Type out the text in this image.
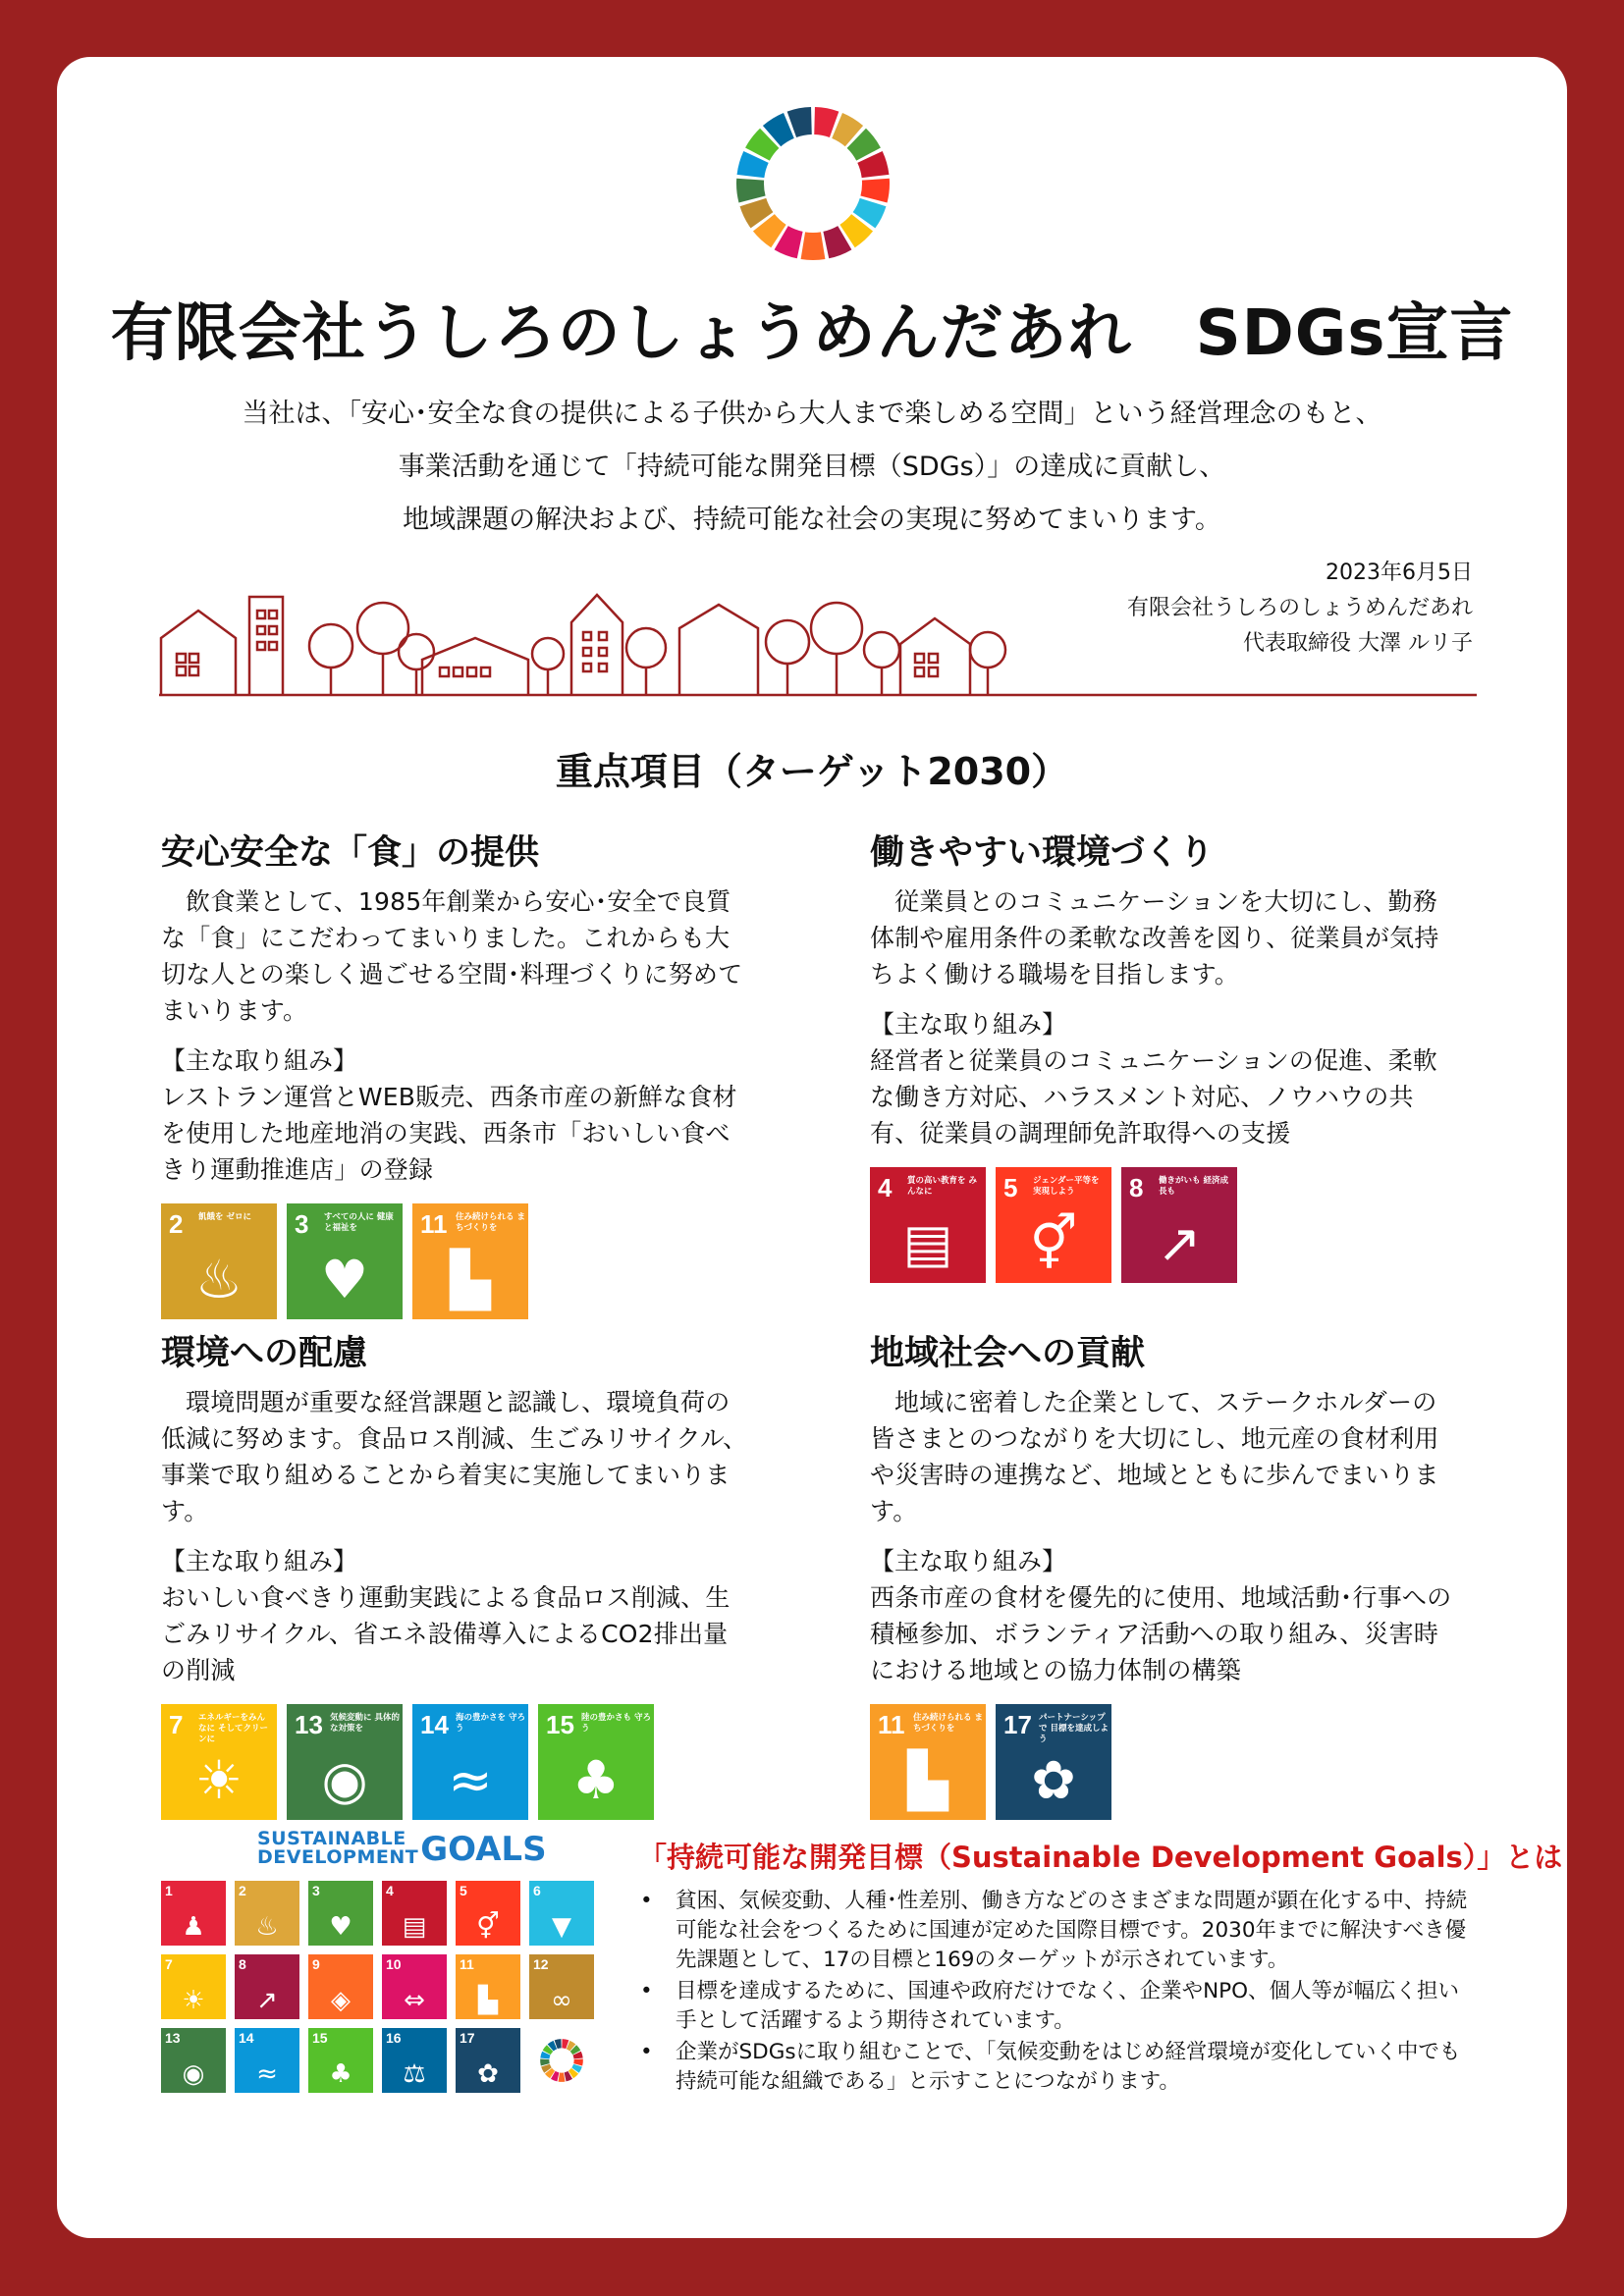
有限会社うしろのしょうめんだあれ　SDGs宣言
当社は、「安心･安全な食の提供による子供から大人まで楽しめる空間」という経営理念のもと、
事業活動を通じて「持続可能な開発目標（SDGs）」の達成に貢献し、
地域課題の解決および、持続可能な社会の実現に努めてまいります。
2023年6月5日
有限会社うしろのしょうめんだあれ
代表取締役 大澤 ルリ子
重点項目（ターゲット2030）
安心安全な「食」の提供
飲食業として、1985年創業から安心･安全で良質な「食」にこだわってまいりました。これからも大切な人との楽しく過ごせる空間･料理づくりに努めてまいります。
【主な取り組み】
レストラン運営とWEB販売、西条市産の新鮮な食材を使用した地産地消の実践、西条市「おいしい食べきり運動推進店」の登録
2 飢餓を ゼロに
♨
3 すべての人に 健康と福祉を
♥
11 住み続けられる まちづくりを
▙
働きやすい環境づくり
従業員とのコミュニケーションを大切にし、勤務体制や雇用条件の柔軟な改善を図り、従業員が気持ちよく働ける職場を目指します。
【主な取り組み】
経営者と従業員のコミュニケーションの促進、柔軟な働き方対応、ハラスメント対応、ノウハウの共有、従業員の調理師免許取得への支援
4 質の高い教育を みんなに
▤
5 ジェンダー平等を 実現しよう
⚥
8 働きがいも 経済成長も
↗
環境への配慮
環境問題が重要な経営課題と認識し、環境負荷の低減に努めます。食品ロス削減、生ごみリサイクル、事業で取り組めることから着実に実施してまいります。
【主な取り組み】
おいしい食べきり運動実践による食品ロス削減、生ごみリサイクル、省エネ設備導入によるCO2排出量の削減
7 エネルギーをみんなに そしてクリーンに
☀
13 気候変動に 具体的な対策を
◉
14 海の豊かさを 守ろう
≈
15 陸の豊かさも 守ろう
♣
地域社会への貢献
地域に密着した企業として、ステークホルダーの皆さまとのつながりを大切にし、地元産の食材利用や災害時の連携など、地域とともに歩んでまいります。
【主な取り組み】
西条市産の食材を優先的に使用、地域活動･行事への積極参加、ボランティア活動への取り組み、災害時における地域との協力体制の構築
11 住み続けられる まちづくりを
▙
17 パートナーシップで 目標を達成しよう
✿
SUSTAINABLE
DEVELOPMENT GOALS
1
♟
2
♨
3
♥
4
▤
5
⚥
6
▼
7
☀
8
↗
9
◈
10
⇔
11
▙
12
∞
13
◉
14
≈
15
♣
16
⚖
17
✿
「持続可能な開発目標（Sustainable Development Goals）」とは
• 貧困、気候変動、人種･性差別、働き方などのさまざまな問題が顕在化する中、持続可能な社会をつくるために国連が定めた国際目標です。2030年までに解決すべき優先課題として、17の目標と169のターゲットが示されています。
• 目標を達成するために、国連や政府だけでなく、企業やNPO、個人等が幅広く担い手として活躍するよう期待されています。
• 企業がSDGsに取り組むことで、「気候変動をはじめ経営環境が変化していく中でも持続可能な組織である」と示すことにつながります。
